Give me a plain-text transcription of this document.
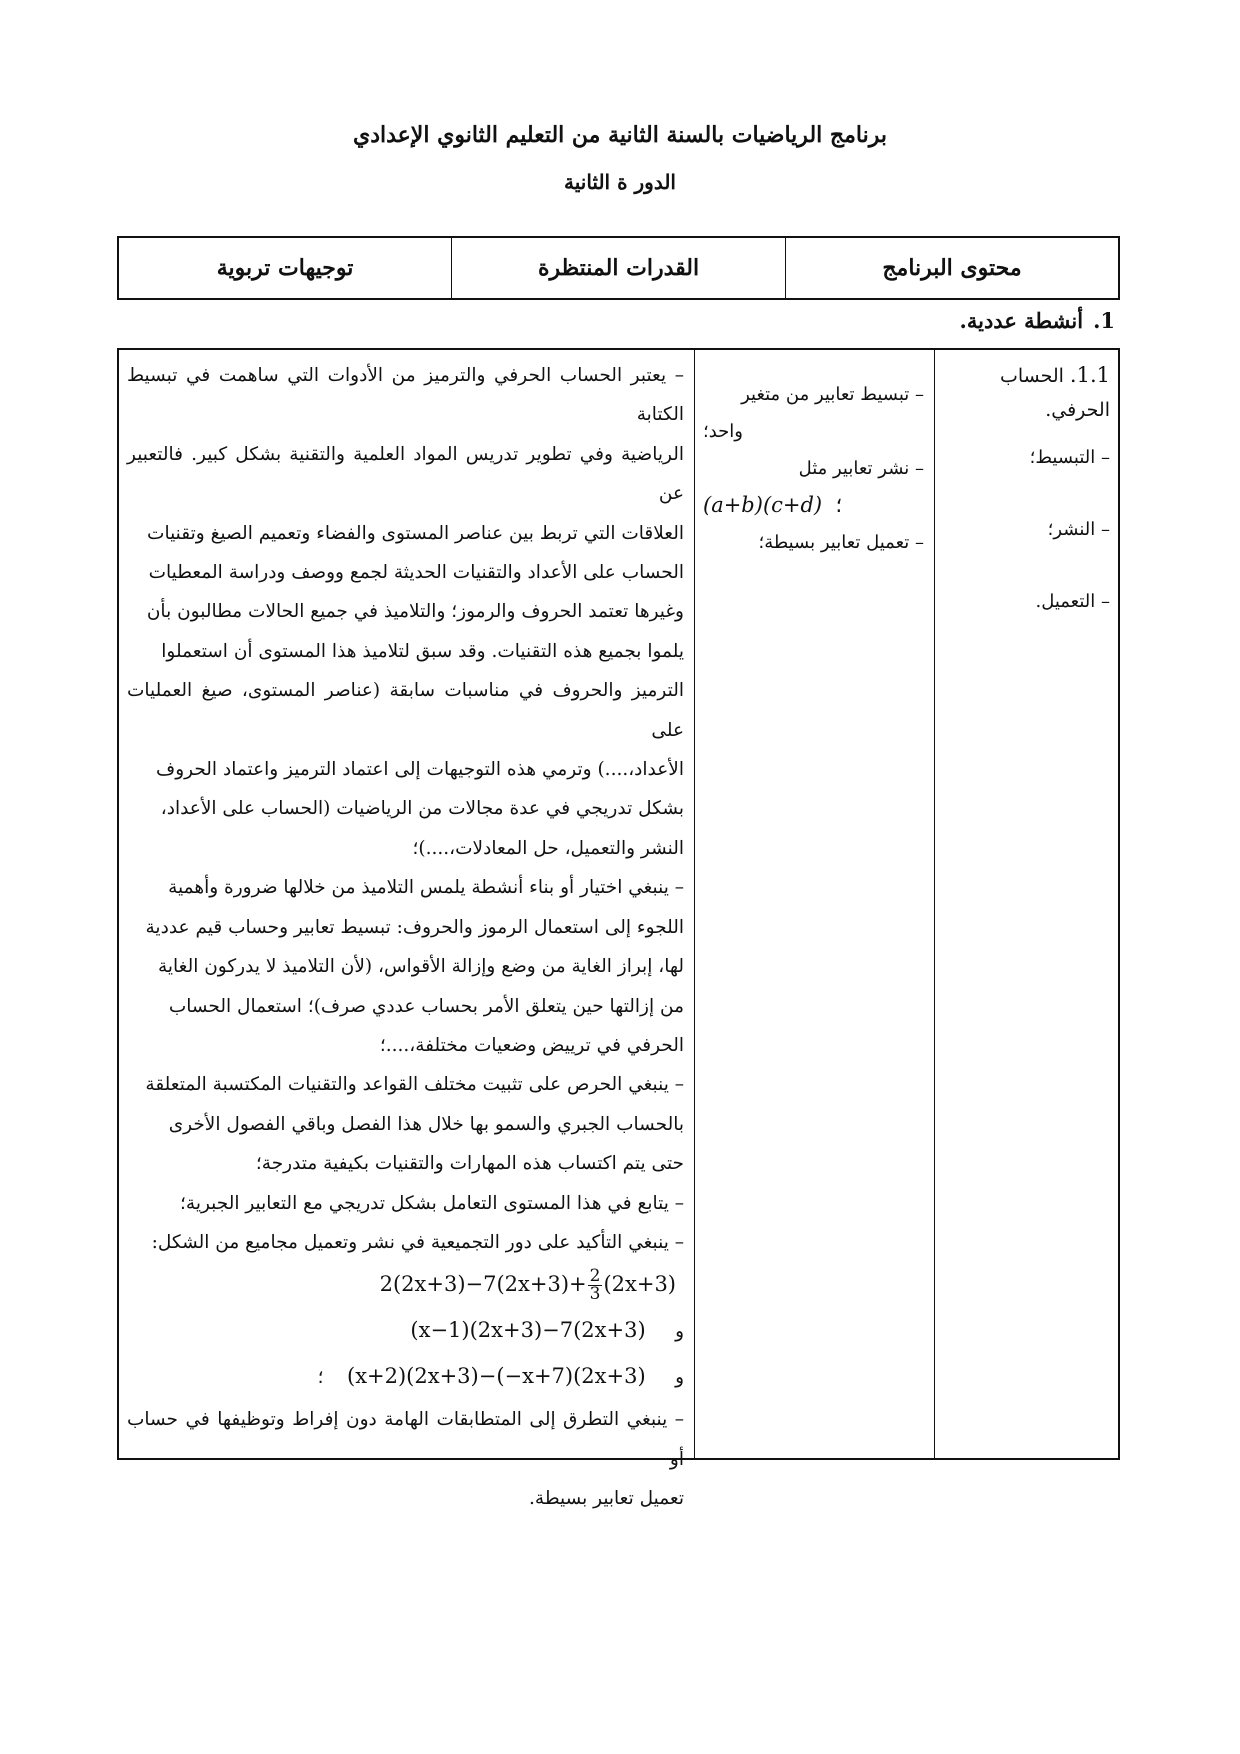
برنامج الرياضيات بالسنة الثانية من التعليم الثانوي الإعدادي
الدور ة الثانية
توجيهات تربوية	القدرات المنتظرة	محتوى البرنامج
1.أنشطة عددية.
1.1.الحساب الحرفي.
– التبسيط؛
– النشر؛
– التعميل.
– تبسيط تعابير من متغير
واحد؛
– نشر تعابير مثل
؛  (a+b)(c+d)
– تعميل تعابير بسيطة؛
– يعتبر الحساب الحرفي والترميز من الأدوات التي ساهمت في تبسيط الكتابة
الرياضية وفي تطوير تدريس المواد العلمية والتقنية بشكل كبير. فالتعبير عن
العلاقات التي تربط بين عناصر المستوى والفضاء وتعميم الصيغ وتقنيات
الحساب على الأعداد والتقنيات الحديثة لجمع ووصف ودراسة المعطيات
وغيرها تعتمد الحروف والرموز؛ والتلاميذ في جميع الحالات مطالبون بأن
يلموا بجميع هذه التقنيات. وقد سبق لتلاميذ هذا المستوى أن استعملوا
الترميز والحروف في مناسبات سابقة (عناصر المستوى، صيغ العمليات على
الأعداد،....) وترمي هذه التوجيهات إلى اعتماد الترميز واعتماد الحروف
بشكل تدريجي في عدة مجالات من الرياضيات (الحساب على الأعداد،
النشر والتعميل، حل المعادلات،....)؛
– ينبغي اختيار أو بناء أنشطة يلمس التلاميذ من خلالها ضرورة وأهمية
اللجوء إلى استعمال الرموز والحروف: تبسيط تعابير وحساب قيم عددية
لها، إبراز الغاية من وضع وإزالة الأقواس، (لأن التلاميذ لا يدركون الغاية
من إزالتها حين يتعلق الأمر بحساب عددي صرف)؛ استعمال الحساب
الحرفي في ترييض وضعيات مختلفة،....؛
– ينبغي الحرص على تثبيت مختلف القواعد والتقنيات المكتسبة المتعلقة
بالحساب الجبري والسمو بها خلال هذا الفصل وباقي الفصول الأخرى
حتى يتم اكتساب هذه المهارات والتقنيات بكيفية متدرجة؛
– يتابع في هذا المستوى التعامل بشكل تدريجي مع التعابير الجبرية؛
– ينبغي التأكيد على دور التجميعية في نشر وتعميل مجاميع من الشكل:
$2(2x+3)-7(2x+3)+ \frac{2}{3} (2x+3)$
و     (x−1)(2x+3)−7(2x+3)
و     (x+2)(2x+3)−(−x+7)(2x+3)    ؛
– ينبغي التطرق إلى المتطابقات الهامة دون إفراط وتوظيفها في حساب أو
تعميل تعابير بسيطة.
